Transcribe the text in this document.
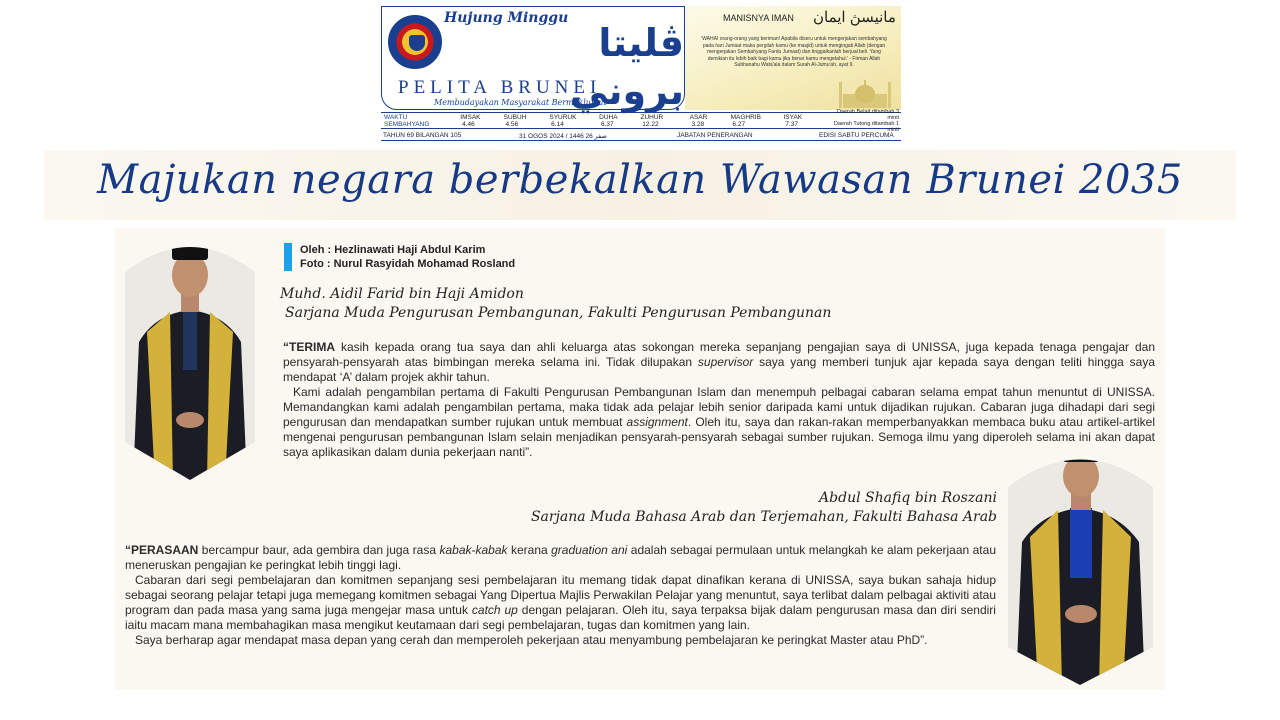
Hujung Minggu
ڤليتا بروني
PELITA BRUNEI
Membudayakan Masyarakat Bermaklumat
MANISNYA IMAN مانيسڽ ايمان
'WAHAI orang-orang yang beriman! Apabila diseru untuk mengerjakan sembahyang pada hari Jumaat maka pergilah kamu (ke masjid) untuk mengingati Allah (dengan mengerjakan Sembahyang Fardu Jumaat) dan tinggalkanlah berjual beli. Yang demikian itu lebih baik bagi kamu jika benar kamu mengetahui.' - Firman Allah Subhanahu Wata'ala dalam Surah Al-Jumu'ah, ayat 9.
WAKTU SEMBAHYANG
IMSAK  4.46
SUBUH  4.56
SYURUK  6.14
DUHA  6.37
ZUHUR  12.22
ASAR  3.28
MAGHRIB  6.27
ISYAK  7.37
Daerah Belait ditambah 3 minit
Daerah Tutong ditambah 1 minit
TAHUN 69 BILANGAN 105	31 OGOS 2024 / 1446 26 صفر	JABATAN PENERANGAN	EDISI SABTU PERCUMA
Majukan negara berbekalkan Wawasan Brunei 2035
Oleh : Hezlinawati Haji Abdul Karim
Foto : Nurul Rasyidah Mohamad Rosland
Muhd. Aidil Farid bin Haji Amidon
Sarjana Muda Pengurusan Pembangunan, Fakulti Pengurusan Pembangunan

“TERIMA kasih kepada orang tua saya dan ahli keluarga atas sokongan mereka sepanjang pengajian saya di UNISSA, juga kepada tenaga pengajar dan pensyarah-pensyarah atas bimbingan mereka selama ini. Tidak dilupakan supervisor saya yang memberi tunjuk ajar kepada saya dengan teliti hingga saya mendapat ‘A’ dalam projek akhir tahun.

Kami adalah pengambilan pertama di Fakulti Pengurusan Pembangunan Islam dan menempuh pelbagai cabaran selama empat tahun menuntut di UNISSA. Memandangkan kami adalah pengambilan pertama, maka tidak ada pelajar lebih senior daripada kami untuk dijadikan rujukan. Cabaran juga dihadapi dari segi pengurusan dan mendapatkan sumber rujukan untuk membuat assignment. Oleh itu, saya dan rakan-rakan memperbanyakkan membaca buku atau artikel-artikel mengenai pengurusan pembangunan Islam selain menjadikan pensyarah-pensyarah sebagai sumber rujukan. Semoga ilmu yang diperoleh selama ini akan dapat saya aplikasikan dalam dunia pekerjaan nanti”.

Abdul Shafiq bin Roszani
Sarjana Muda Bahasa Arab dan Terjemahan, Fakulti Bahasa Arab

“PERASAAN bercampur baur, ada gembira dan juga rasa kabak-kabak kerana graduation ani adalah sebagai permulaan untuk melangkah ke alam pekerjaan atau meneruskan pengajian ke peringkat lebih tinggi lagi.

Cabaran dari segi pembelajaran dan komitmen sepanjang sesi pembelajaran itu memang tidak dapat dinafikan kerana di UNISSA, saya bukan sahaja hidup sebagai seorang pelajar tetapi juga memegang komitmen sebagai Yang Dipertua Majlis Perwakilan Pelajar yang menuntut, saya terlibat dalam pelbagai aktiviti atau program dan pada masa yang sama juga mengejar masa untuk catch up dengan pelajaran. Oleh itu, saya terpaksa bijak dalam pengurusan masa dan diri sendiri iaitu macam mana membahagikan masa mengikut keutamaan dari segi pembelajaran, tugas dan komitmen yang lain.

Saya berharap agar mendapat masa depan yang cerah dan memperoleh pekerjaan atau menyambung pembelajaran ke peringkat Master atau PhD”.
